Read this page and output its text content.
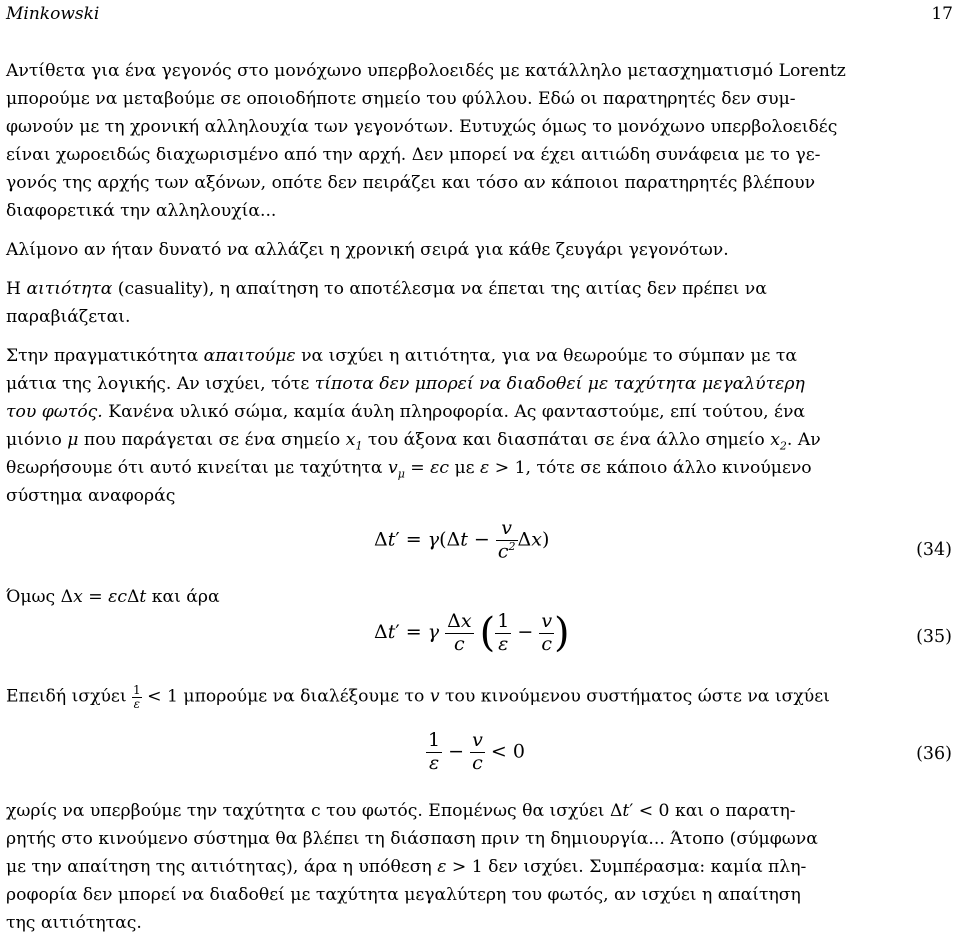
Minkowski	17
Αντίθετα για ένα γεγονός στο μονόχωνο υπερβολοειδές με κατάλληλο μετασχηματισμό Lorentz
μπορούμε να μεταβούμε σε οποιοδήποτε σημείο του φύλλου. Εδώ οι παρατηρητές δεν συμ-
φωνούν με τη χρονική αλληλουχία των γεγονότων. Ευτυχώς όμως το μονόχωνο υπερβολοειδές
είναι χωροειδώς διαχωρισμένο από την αρχή. Δεν μπορεί να έχει αιτιώδη συνάφεια με το γε-
γονός της αρχής των αξόνων, οπότε δεν πειράζει και τόσο αν κάποιοι παρατηρητές βλέπουν
διαφορετικά την αλληλουχία...
Αλίμονο αν ήταν δυνατό να αλλάζει η χρονική σειρά για κάθε ζευγάρι γεγονότων.
Η αιτιότητα (casuality), η απαίτηση το αποτέλεσμα να έπεται της αιτίας δεν πρέπει να
παραβιάζεται.
Στην πραγματικότητα απαιτούμε να ισχύει η αιτιότητα, για να θεωρούμε το σύμπαν με τα
μάτια της λογικής. Αν ισχύει, τότε τίποτα δεν μπορεί να διαδοθεί με ταχύτητα μεγαλύτερη
του φωτός. Κανένα υλικό σώμα, καμία άυλη πληροφορία. Ας φανταστούμε, επί τούτου, ένα
μιόνιο μ που παράγεται σε ένα σημείο $x_1$ του άξονα και διασπάται σε ένα άλλο σημείο $x_2$. Αν
θεωρήσουμε ότι αυτό κινείται με ταχύτητα $v_\mu = \varepsilon c$ με ε > 1, τότε σε κάποιο άλλο κινούμενο
σύστημα αναφοράς
$\Delta t' = \gamma(\Delta t - \frac{v}{c^2} \Delta x)$	(34)
Όμως Δx = εcΔt και άρα
Δt′ = γ $\frac{\Delta x}{c}$ ( $\frac{1}{\varepsilon} - \frac{v}{c}$ )	(35)
Επειδή ισχύει $\frac{1}{\varepsilon} < 1$ μπορούμε να διαλέξουμε το v του κινούμενου συστήματος ώστε να ισχύει
$\frac{1}{\varepsilon} - \frac{v}{c} < 0$	(36)
χωρίς να υπερβούμε την ταχύτητα c του φωτός. Επομένως θα ισχύει Δt′ < 0 και ο παρατη-
ρητής στο κινούμενο σύστημα θα βλέπει τη διάσπαση πριν τη δημιουργία... Άτοπο (σύμφωνα
με την απαίτηση της αιτιότητας), άρα η υπόθεση ε > 1 δεν ισχύει. Συμπέρασμα: καμία πλη-
ροφορία δεν μπορεί να διαδοθεί με ταχύτητα μεγαλύτερη του φωτός, αν ισχύει η απαίτηση
της αιτιότητας.
